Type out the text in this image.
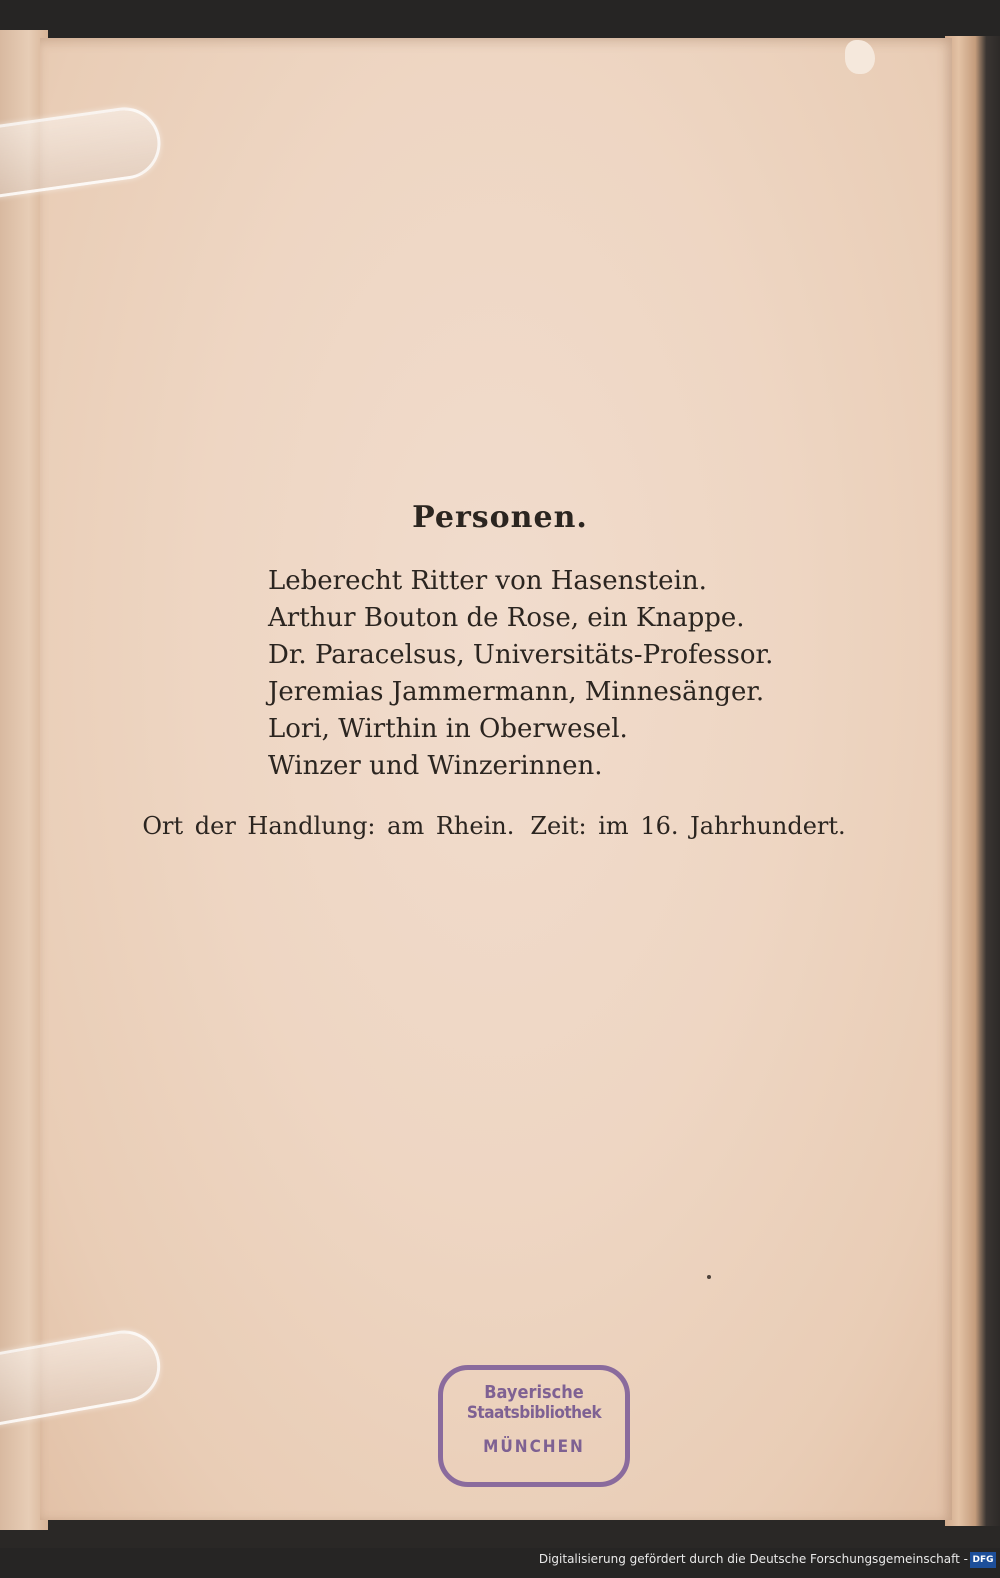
Personen.
Leberecht Ritter von Hasenstein.
Arthur Bouton de Rose, ein Knappe.
Dr. Paracelsus, Universitäts-Professor.
Jeremias Jammermann, Minnesänger.
Lori, Wirthin in Oberwesel.
Winzer und Winzerinnen.
Ort der Handlung: am Rhein. Zeit: im 16. Jahrhundert.
Bayerische
Staatsbibliothek
MÜNCHEN
Digitalisierung gefördert durch die Deutsche Forschungsgemeinschaft - DFG
